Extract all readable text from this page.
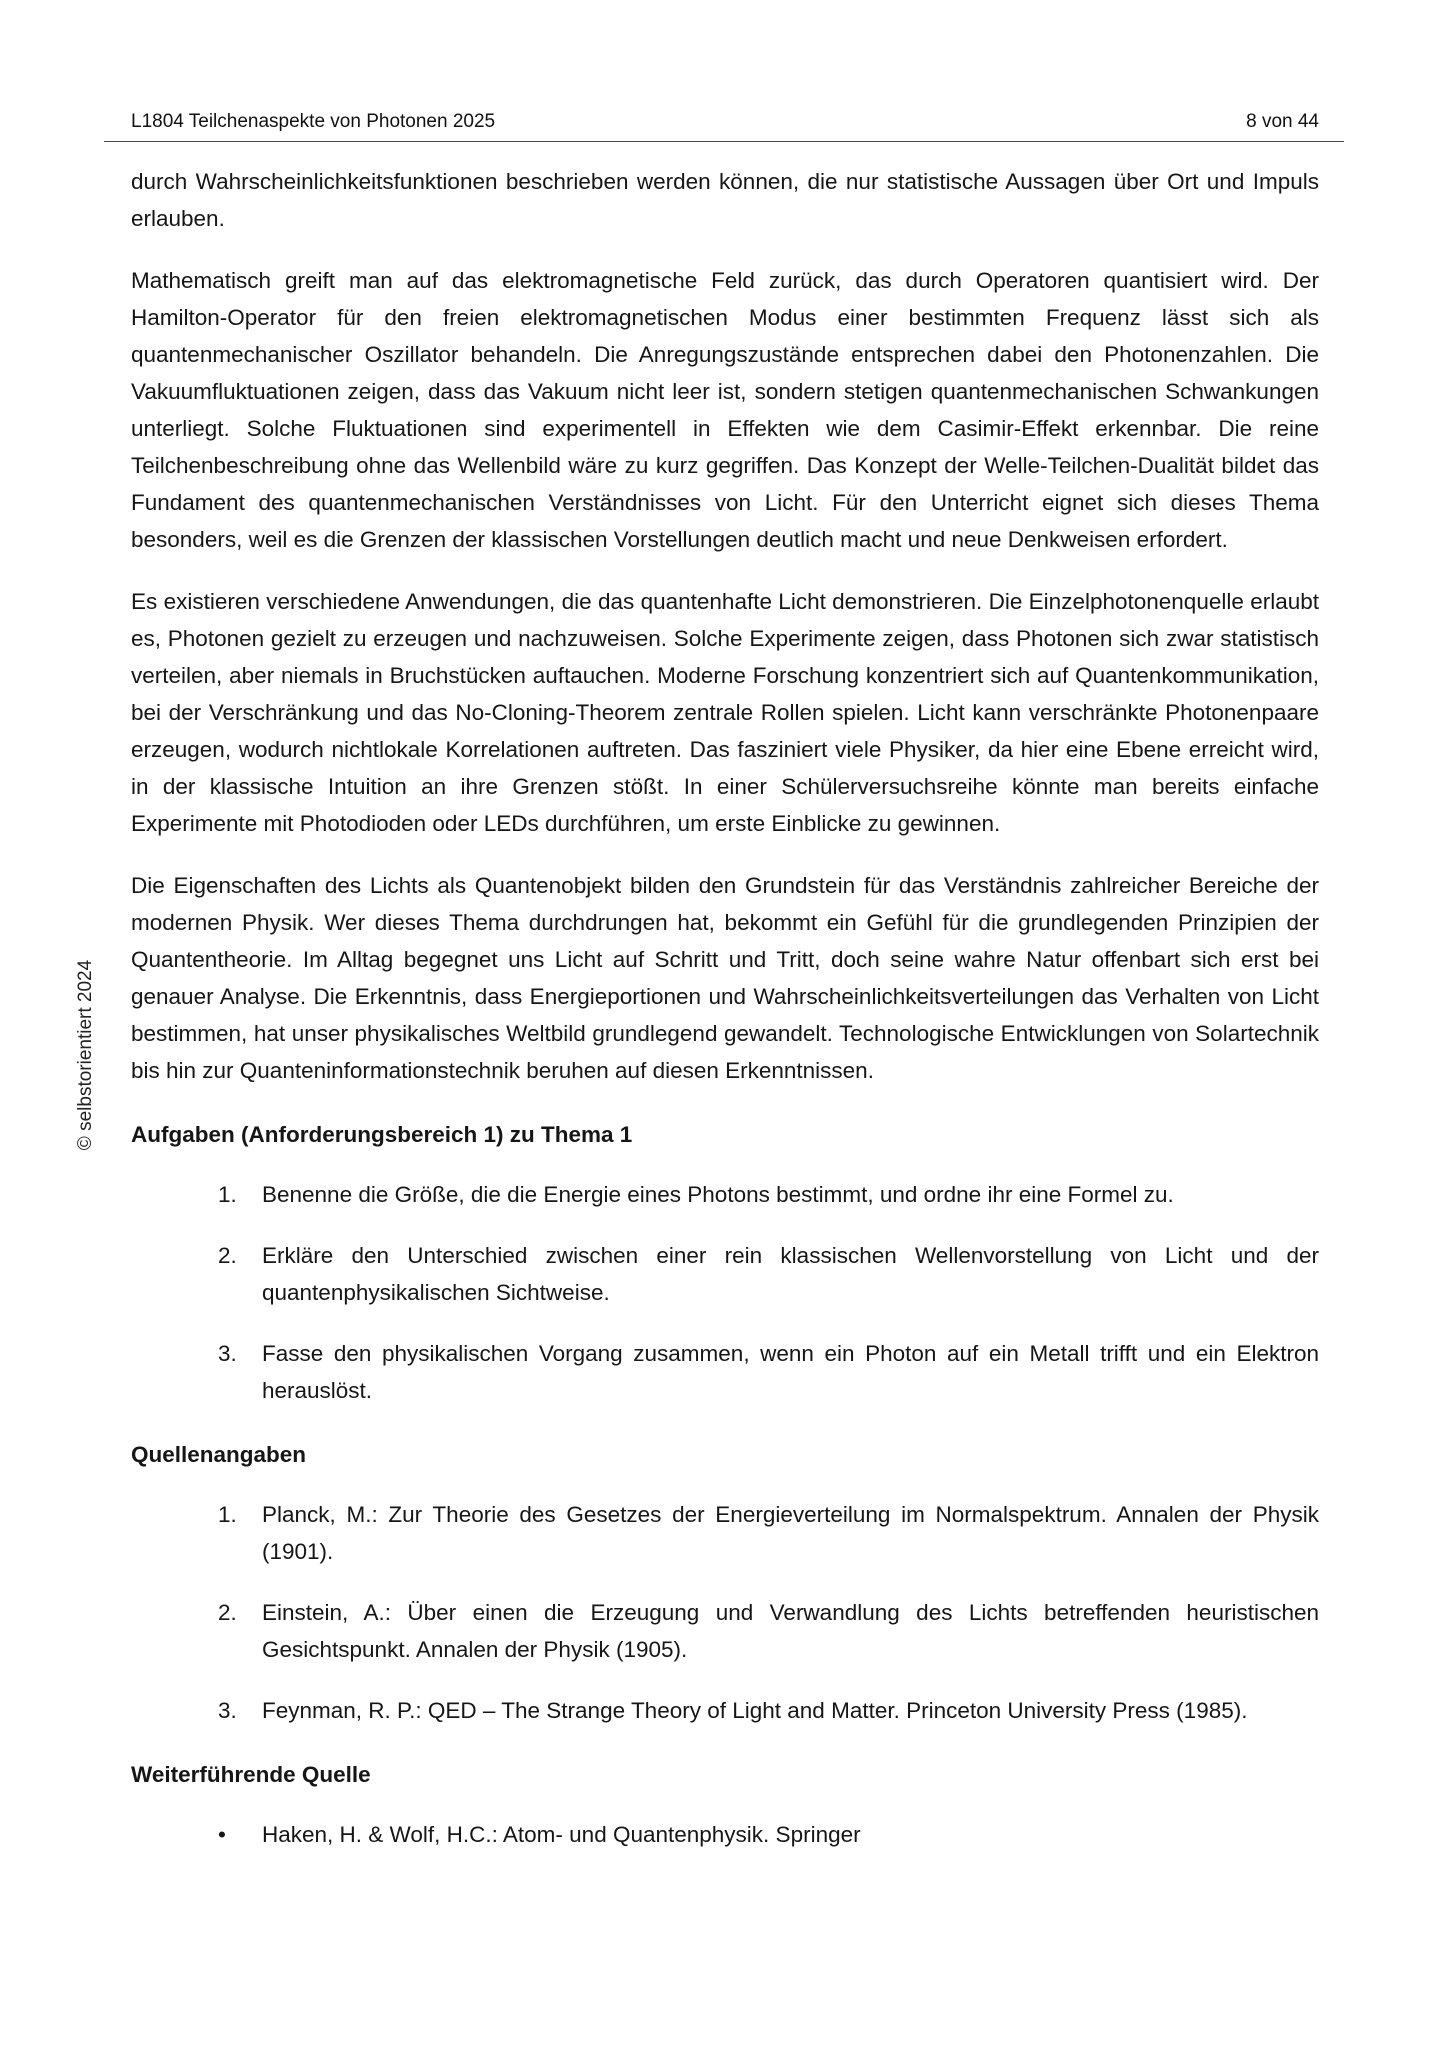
L1804 Teilchenaspekte von Photonen 2025	8 von 44
© selbstorientiert 2024

durch Wahrscheinlichkeitsfunktionen beschrieben werden können, die nur statistische Aussagen über Ort und Impuls erlauben.

Mathematisch greift man auf das elektromagnetische Feld zurück, das durch Operatoren quantisiert wird. Der Hamilton-Operator für den freien elektromagnetischen Modus einer bestimmten Frequenz lässt sich als quantenmechanischer Oszillator behandeln. Die Anregungszustände entsprechen dabei den Photonenzahlen. Die Vakuumfluktuationen zeigen, dass das Vakuum nicht leer ist, sondern stetigen quantenmechanischen Schwankungen unterliegt. Solche Fluktuationen sind experimentell in Effekten wie dem Casimir-Effekt erkennbar. Die reine Teilchenbeschreibung ohne das Wellenbild wäre zu kurz gegriffen. Das Konzept der Welle-Teilchen-Dualität bildet das Fundament des quantenmechanischen Verständnisses von Licht. Für den Unterricht eignet sich dieses Thema besonders, weil es die Grenzen der klassischen Vorstellungen deutlich macht und neue Denkweisen erfordert.

Es existieren verschiedene Anwendungen, die das quantenhafte Licht demonstrieren. Die Einzelphotonenquelle erlaubt es, Photonen gezielt zu erzeugen und nachzuweisen. Solche Experimente zeigen, dass Photonen sich zwar statistisch verteilen, aber niemals in Bruchstücken auftauchen. Moderne Forschung konzentriert sich auf Quantenkommunikation, bei der Verschränkung und das No-Cloning-Theorem zentrale Rollen spielen. Licht kann verschränkte Photonenpaare erzeugen, wodurch nichtlokale Korrelationen auftreten. Das fasziniert viele Physiker, da hier eine Ebene erreicht wird, in der klassische Intuition an ihre Grenzen stößt. In einer Schülerversuchsreihe könnte man bereits einfache Experimente mit Photodioden oder LEDs durchführen, um erste Einblicke zu gewinnen.

Die Eigenschaften des Lichts als Quantenobjekt bilden den Grundstein für das Verständnis zahlreicher Bereiche der modernen Physik. Wer dieses Thema durchdrungen hat, bekommt ein Gefühl für die grundlegenden Prinzipien der Quantentheorie. Im Alltag begegnet uns Licht auf Schritt und Tritt, doch seine wahre Natur offenbart sich erst bei genauer Analyse. Die Erkenntnis, dass Energieportionen und Wahrscheinlichkeitsverteilungen das Verhalten von Licht bestimmen, hat unser physikalisches Weltbild grundlegend gewandelt. Technologische Entwicklungen von Solartechnik bis hin zur Quanteninformationstechnik beruhen auf diesen Erkenntnissen.

Aufgaben (Anforderungsbereich 1) zu Thema 1
1.	Benenne die Größe, die die Energie eines Photons bestimmt, und ordne ihr eine Formel zu.
2.	Erkläre den Unterschied zwischen einer rein klassischen Wellenvorstellung von Licht und der quantenphysikalischen Sichtweise.
3.	Fasse den physikalischen Vorgang zusammen, wenn ein Photon auf ein Metall trifft und ein Elektron herauslöst.
Quellenangaben
1.	Planck, M.: Zur Theorie des Gesetzes der Energieverteilung im Normalspektrum. Annalen der Physik (1901).
2.	Einstein, A.: Über einen die Erzeugung und Verwandlung des Lichts betreffenden heuristischen Gesichtspunkt. Annalen der Physik (1905).
3.	Feynman, R. P.: QED – The Strange Theory of Light and Matter. Princeton University Press (1985).
Weiterführende Quelle
•	Haken, H. & Wolf, H.C.: Atom- und Quantenphysik. Springer
